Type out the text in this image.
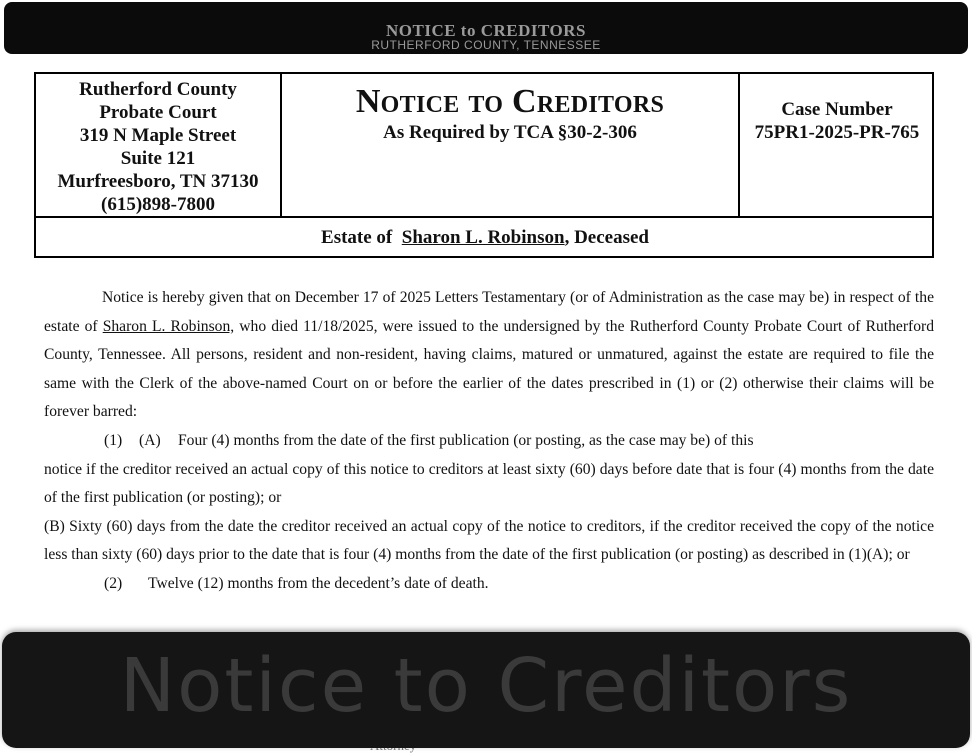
NOTICE to CREDITORS
RUTHERFORD COUNTY, TENNESSEE
Rutherford County
Probate Court
319 N Maple Street
Suite 121
Murfreesboro, TN 37130
(615)898-7800
Notice to Creditors
As Required by TCA §30-2-306
Case Number
75PR1-2025-PR-765
Estate of Sharon L. Robinson, Deceased

Notice is hereby given that on December 17 of 2025 Letters Testamentary (or of Administration as the case may be) in respect of the estate of Sharon L. Robinson, who died 11/18/2025, were issued to the undersigned by the Rutherford County Probate Court of Rutherford County, Tennessee. All persons, resident and non-resident, having claims, matured or unmatured, against the estate are required to file the same with the Clerk of the above-named Court on or before the earlier of the dates prescribed in (1) or (2) otherwise their claims will be forever barred:

(1) (A) Four (4) months from the date of the first publication (or posting, as the case may be) of this

notice if the creditor received an actual copy of this notice to creditors at least sixty (60) days before date that is four (4) months from the date of the first publication (or posting); or

(B) Sixty (60) days from the date the creditor received an actual copy of the notice to creditors, if the creditor received the copy of the notice less than sixty (60) days prior to the date that is four (4) months from the date of the first publication (or posting) as described in (1)(A); or

(2) Twelve (12) months from the decedent’s date of death.
Notice to Creditors
